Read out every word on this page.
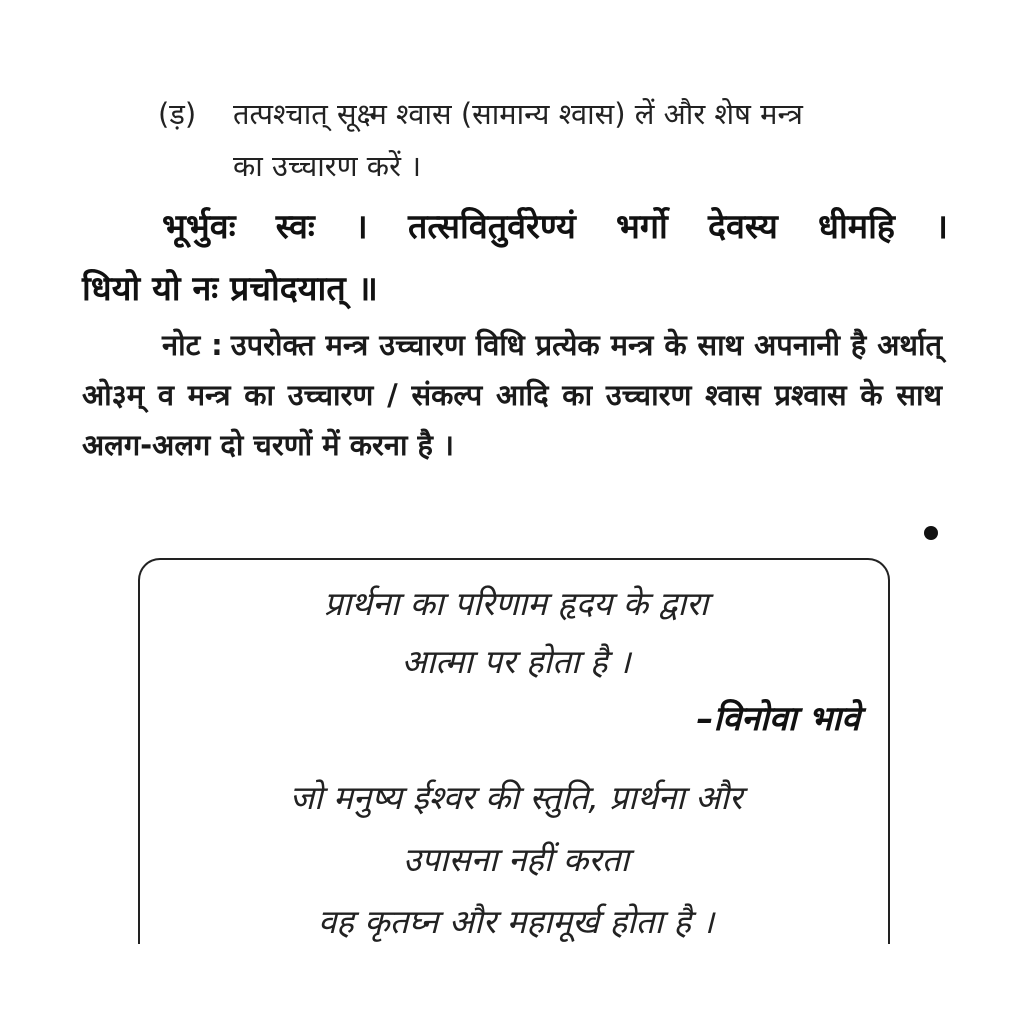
(ड़) तत्पश्चात् सूक्ष्म श्वास (सामान्य श्वास) लें और शेष मन्त्र
का उच्चारण करें ।
भूर्भुवः स्वः । तत्सवितुर्वरेण्यं भर्गो देवस्य धीमहि ।
धियो यो नः प्रचोदयात् ॥
नोट : उपरोक्त मन्त्र उच्चारण विधि प्रत्येक मन्त्र के साथ अपनानी है अर्थात् ओ३म् व मन्त्र का उच्चारण / संकल्प आदि का उच्चारण श्वास प्रश्वास के साथ अलग-अलग दो चरणों में करना है ।
प्रार्थना का परिणाम हृदय के द्वारा
आत्मा पर होता है ।
–विनोवा भावे
जो मनुष्य ईश्वर की स्तुति, प्रार्थना और
उपासना नहीं करता
वह कृतघ्न और महामूर्ख होता है ।
